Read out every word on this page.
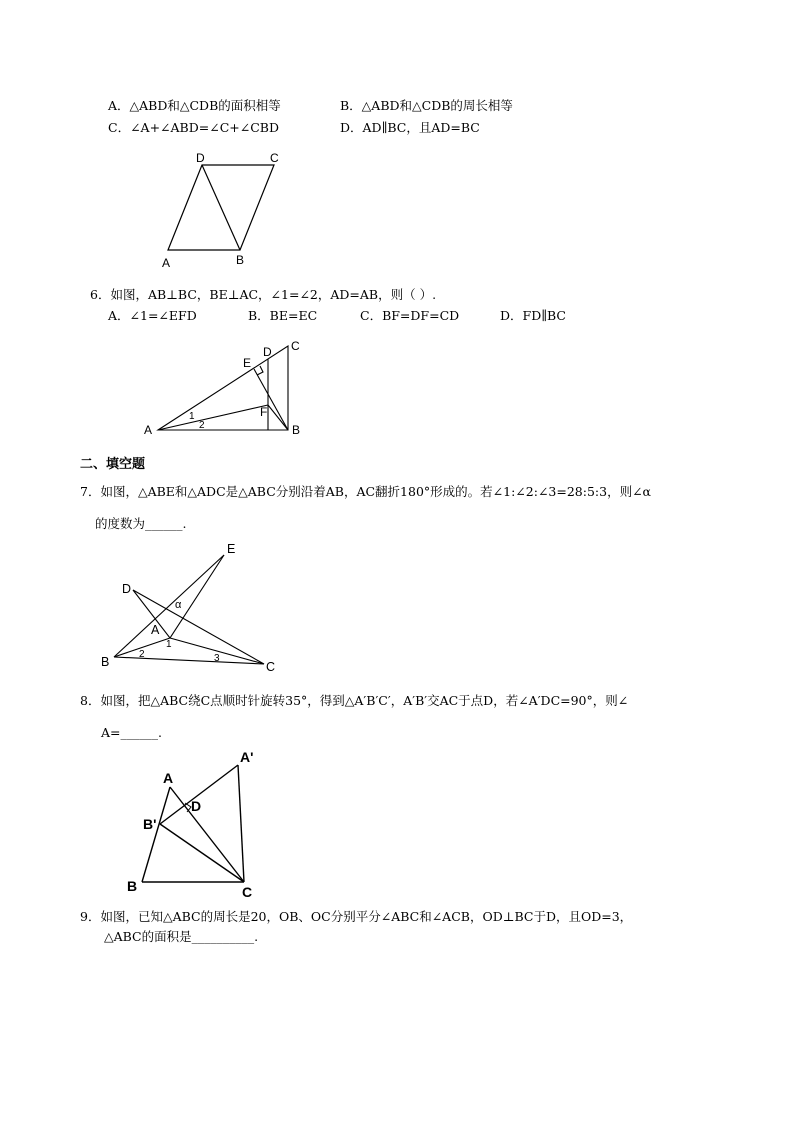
A．△ABD和△CDB的面积相等	B．△ABD和△CDB的周长相等
C．∠A+∠ABD=∠C+∠CBD	D．AD∥BC，且AD=BC
D	C
A	B
6．如图，AB⊥BC，BE⊥AC，∠1=∠2，AD=AB，则（ ）.
A．∠1=∠EFD	B．BE=EC	C．BF=DF=CD	D．FD∥BC
A	B
C
D
E
F
1
2
二、填空题
7．如图，△ABE和△ADC是△ABC分别沿着AB，AC翻折180°形成的。若∠1:∠2:∠3=28:5:3，则∠α
的度数为______.
E
D
A
B	C
α
1
2	3
8．如图，把△ABC绕C点顺时针旋转35°，得到△A′B′C′，A′B′交AC于点D，若∠A′DC=90°，则∠
A=______.
A
A'
B'
D
B	C
9．如图，已知△ABC的周长是20，OB、OC分别平分∠ABC和∠ACB，OD⊥BC于D，且OD=3，
△ABC的面积是__________.
